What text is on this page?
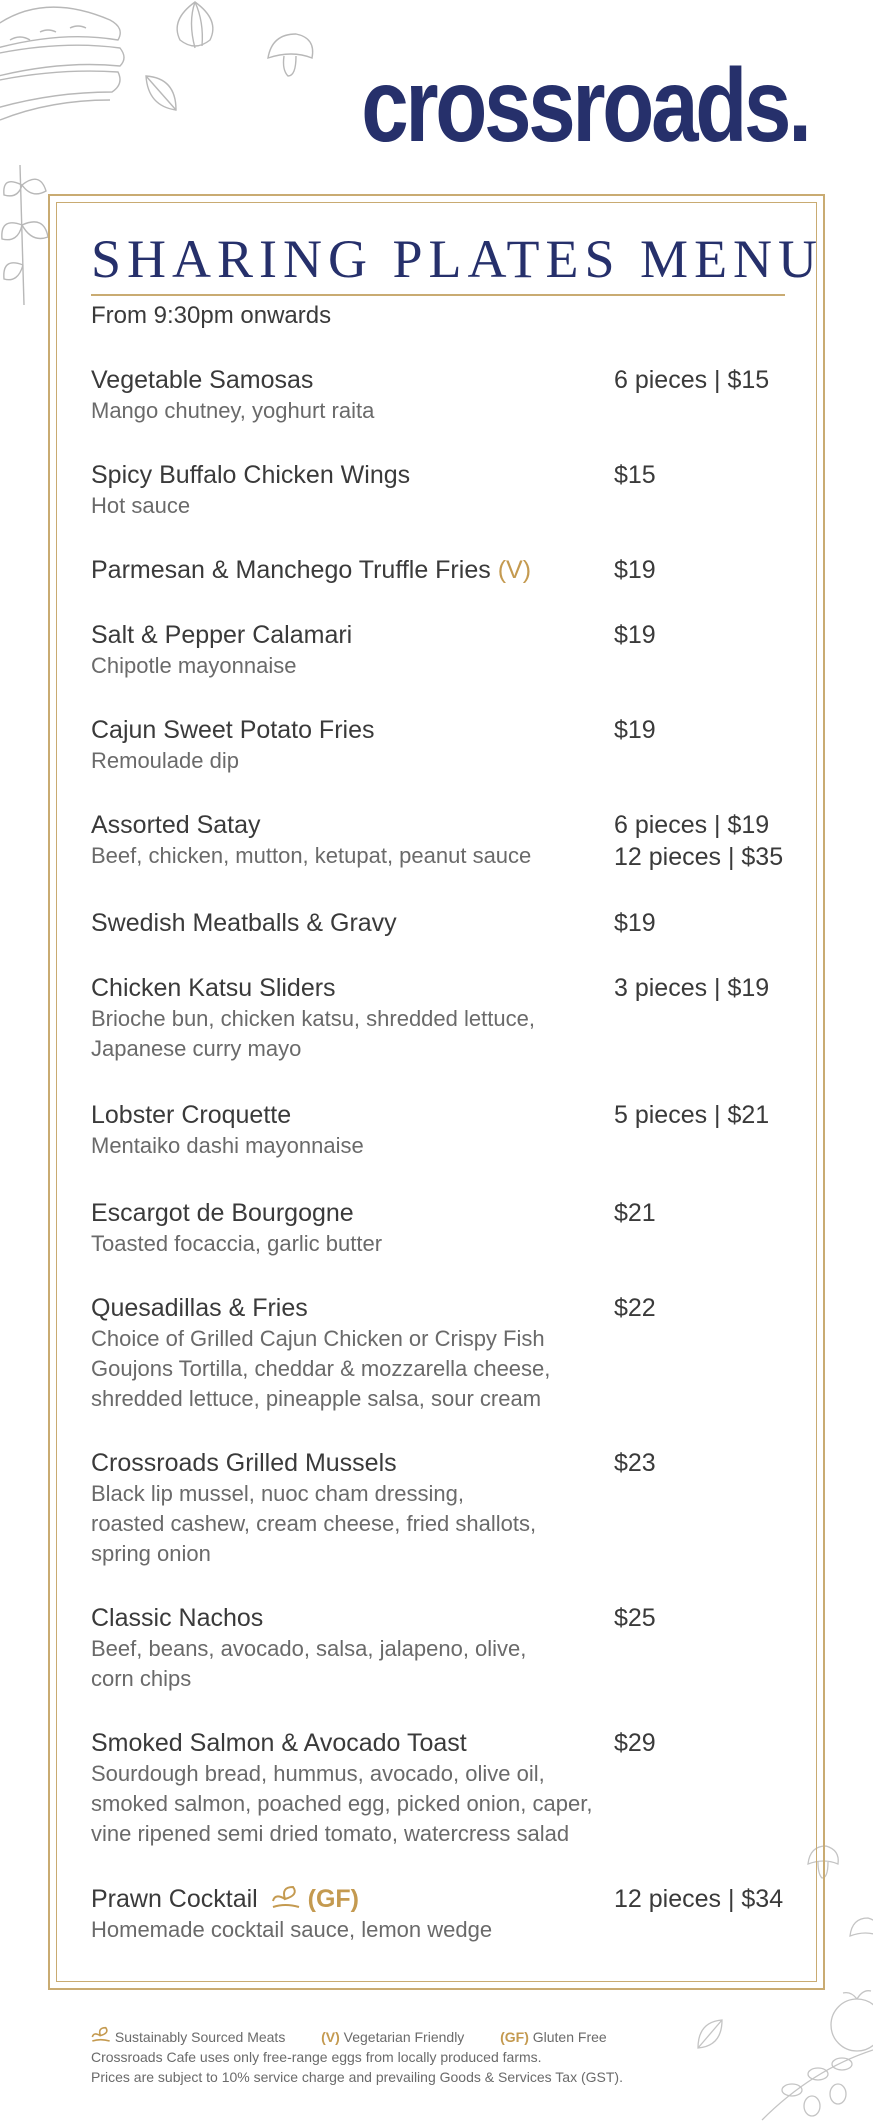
crossroads.
SHARING PLATES MENU
From 9:30pm onwards
Vegetable Samosas
Mango chutney, yoghurt raita
6 pieces | $15
Spicy Buffalo Chicken Wings
Hot sauce
$15
Parmesan & Manchego Truffle Fries (V)	$19
Salt & Pepper Calamari
Chipotle mayonnaise
$19
Cajun Sweet Potato Fries
Remoulade dip
$19
Assorted Satay
Beef, chicken, mutton, ketupat, peanut sauce
6 pieces | $19
12 pieces | $35
Swedish Meatballs & Gravy	$19
Chicken Katsu Sliders
Brioche bun, chicken katsu, shredded lettuce,
Japanese curry mayo
3 pieces | $19
Lobster Croquette
Mentaiko dashi mayonnaise
5 pieces | $21
Escargot de Bourgogne
Toasted focaccia, garlic butter
$21
Quesadillas & Fries
Choice of Grilled Cajun Chicken or Crispy Fish
Goujons Tortilla, cheddar & mozzarella cheese,
shredded lettuce, pineapple salsa, sour cream
$22
Crossroads Grilled Mussels
Black lip mussel, nuoc cham dressing,
roasted cashew, cream cheese, fried shallots,
spring onion
$23
Classic Nachos
Beef, beans, avocado, salsa, jalapeno, olive,
corn chips
$25
Smoked Salmon & Avocado Toast
Sourdough bread, hummus, avocado, olive oil,
smoked salmon, poached egg, picked onion, caper,
vine ripened semi dried tomato, watercress salad
$29
Prawn Cocktail (GF)
Homemade cocktail sauce, lemon wedge
12 pieces | $34
Sustainably Sourced Meats	(V) Vegetarian Friendly	(GF) Gluten Free
Crossroads Cafe uses only free-range eggs from locally produced farms.
Prices are subject to 10% service charge and prevailing Goods & Services Tax (GST).
